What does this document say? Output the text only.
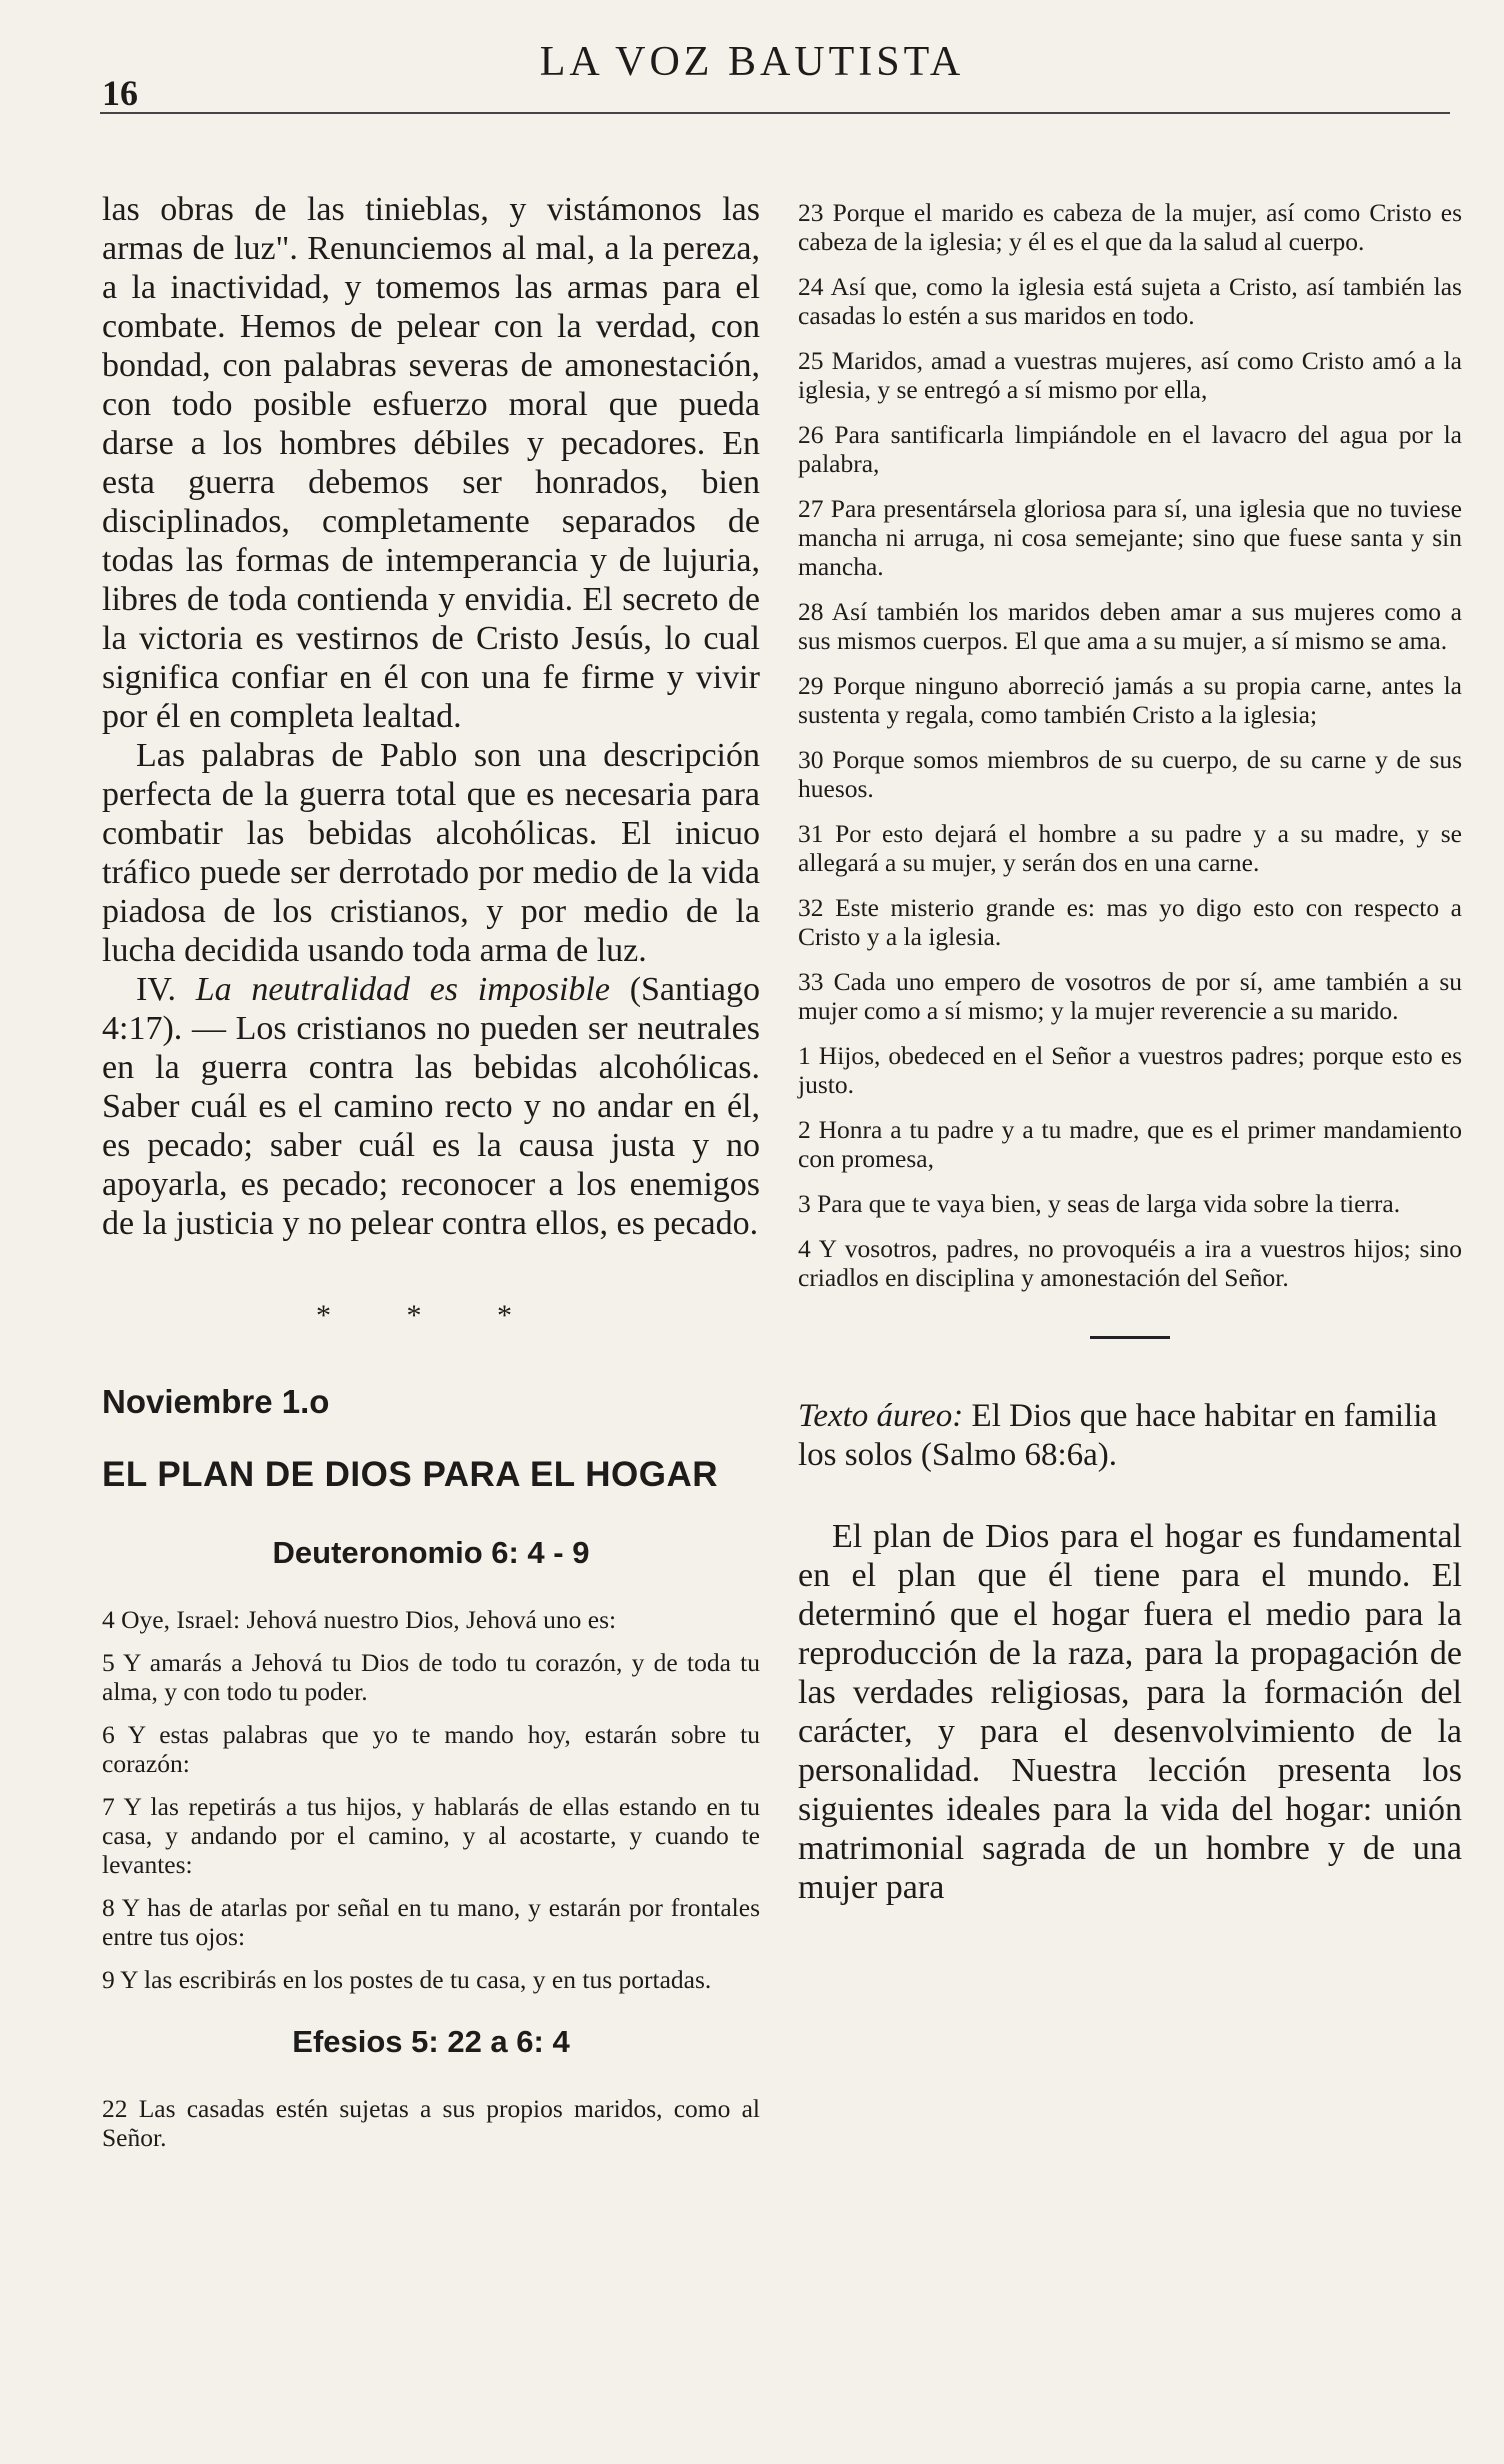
16
LA VOZ BAUTISTA

las obras de las tinieblas, y vistámonos las armas de luz". Renunciemos al mal, a la pereza, a la inactividad, y tomemos las armas para el combate. Hemos de pelear con la verdad, con bondad, con palabras severas de amonestación, con todo posible esfuerzo moral que pueda darse a los hombres débiles y pecadores. En esta guerra debemos ser honrados, bien disciplinados, completamente separados de todas las formas de intemperancia y de lujuria, libres de toda contienda y envidia. El secreto de la victoria es vestirnos de Cristo Jesús, lo cual significa confiar en él con una fe firme y vivir por él en completa lealtad.

Las palabras de Pablo son una descripción perfecta de la guerra total que es necesaria para combatir las bebidas alcohólicas. El inicuo tráfico puede ser derrotado por medio de la vida piadosa de los cristianos, y por medio de la lucha decidida usando toda arma de luz.

IV. La neutralidad es imposible (Santiago 4:17). — Los cristianos no pueden ser neutrales en la guerra contra las bebidas alcohólicas. Saber cuál es el camino recto y no andar en él, es pecado; saber cuál es la causa justa y no apoyarla, es pecado; reconocer a los enemigos de la justicia y no pelear contra ellos, es pecado.

* * *
Noviembre 1.o
EL PLAN DE DIOS PARA EL HOGAR
Deuteronomio 6: 4 - 9

4 Oye, Israel: Jehová nuestro Dios, Jehová uno es:

5 Y amarás a Jehová tu Dios de todo tu corazón, y de toda tu alma, y con todo tu poder.

6 Y estas palabras que yo te mando hoy, estarán sobre tu corazón:

7 Y las repetirás a tus hijos, y hablarás de ellas estando en tu casa, y andando por el camino, y al acostarte, y cuando te levantes:

8 Y has de atarlas por señal en tu mano, y estarán por frontales entre tus ojos:

9 Y las escribirás en los postes de tu casa, y en tus portadas.

Efesios 5: 22 a 6: 4

22 Las casadas estén sujetas a sus propios maridos, como al Señor.

23 Porque el marido es cabeza de la mujer, así como Cristo es cabeza de la iglesia; y él es el que da la salud al cuerpo.

24 Así que, como la iglesia está sujeta a Cristo, así también las casadas lo estén a sus maridos en todo.

25 Maridos, amad a vuestras mujeres, así como Cristo amó a la iglesia, y se entregó a sí mismo por ella,

26 Para santificarla limpiándole en el lavacro del agua por la palabra,

27 Para presentársela gloriosa para sí, una iglesia que no tuviese mancha ni arruga, ni cosa semejante; sino que fuese santa y sin mancha.

28 Así también los maridos deben amar a sus mujeres como a sus mismos cuerpos. El que ama a su mujer, a sí mismo se ama.

29 Porque ninguno aborreció jamás a su propia carne, antes la sustenta y regala, como también Cristo a la iglesia;

30 Porque somos miembros de su cuerpo, de su carne y de sus huesos.

31 Por esto dejará el hombre a su padre y a su madre, y se allegará a su mujer, y serán dos en una carne.

32 Este misterio grande es: mas yo digo esto con respecto a Cristo y a la iglesia.

33 Cada uno empero de vosotros de por sí, ame también a su mujer como a sí mismo; y la mujer reverencie a su marido.

1 Hijos, obedeced en el Señor a vuestros padres; porque esto es justo.

2 Honra a tu padre y a tu madre, que es el primer mandamiento con promesa,

3 Para que te vaya bien, y seas de larga vida sobre la tierra.

4 Y vosotros, padres, no provoquéis a ira a vuestros hijos; sino criadlos en disciplina y amonestación del Señor.

Texto áureo: El Dios que hace habitar en familia los solos (Salmo 68:6a).

El plan de Dios para el hogar es fundamental en el plan que él tiene para el mundo. El determinó que el hogar fuera el medio para la reproducción de la raza, para la propagación de las verdades religiosas, para la formación del carácter, y para el desenvolvimiento de la personalidad. Nuestra lección presenta los siguientes ideales para la vida del hogar: unión matrimonial sagrada de un hombre y de una mujer para
